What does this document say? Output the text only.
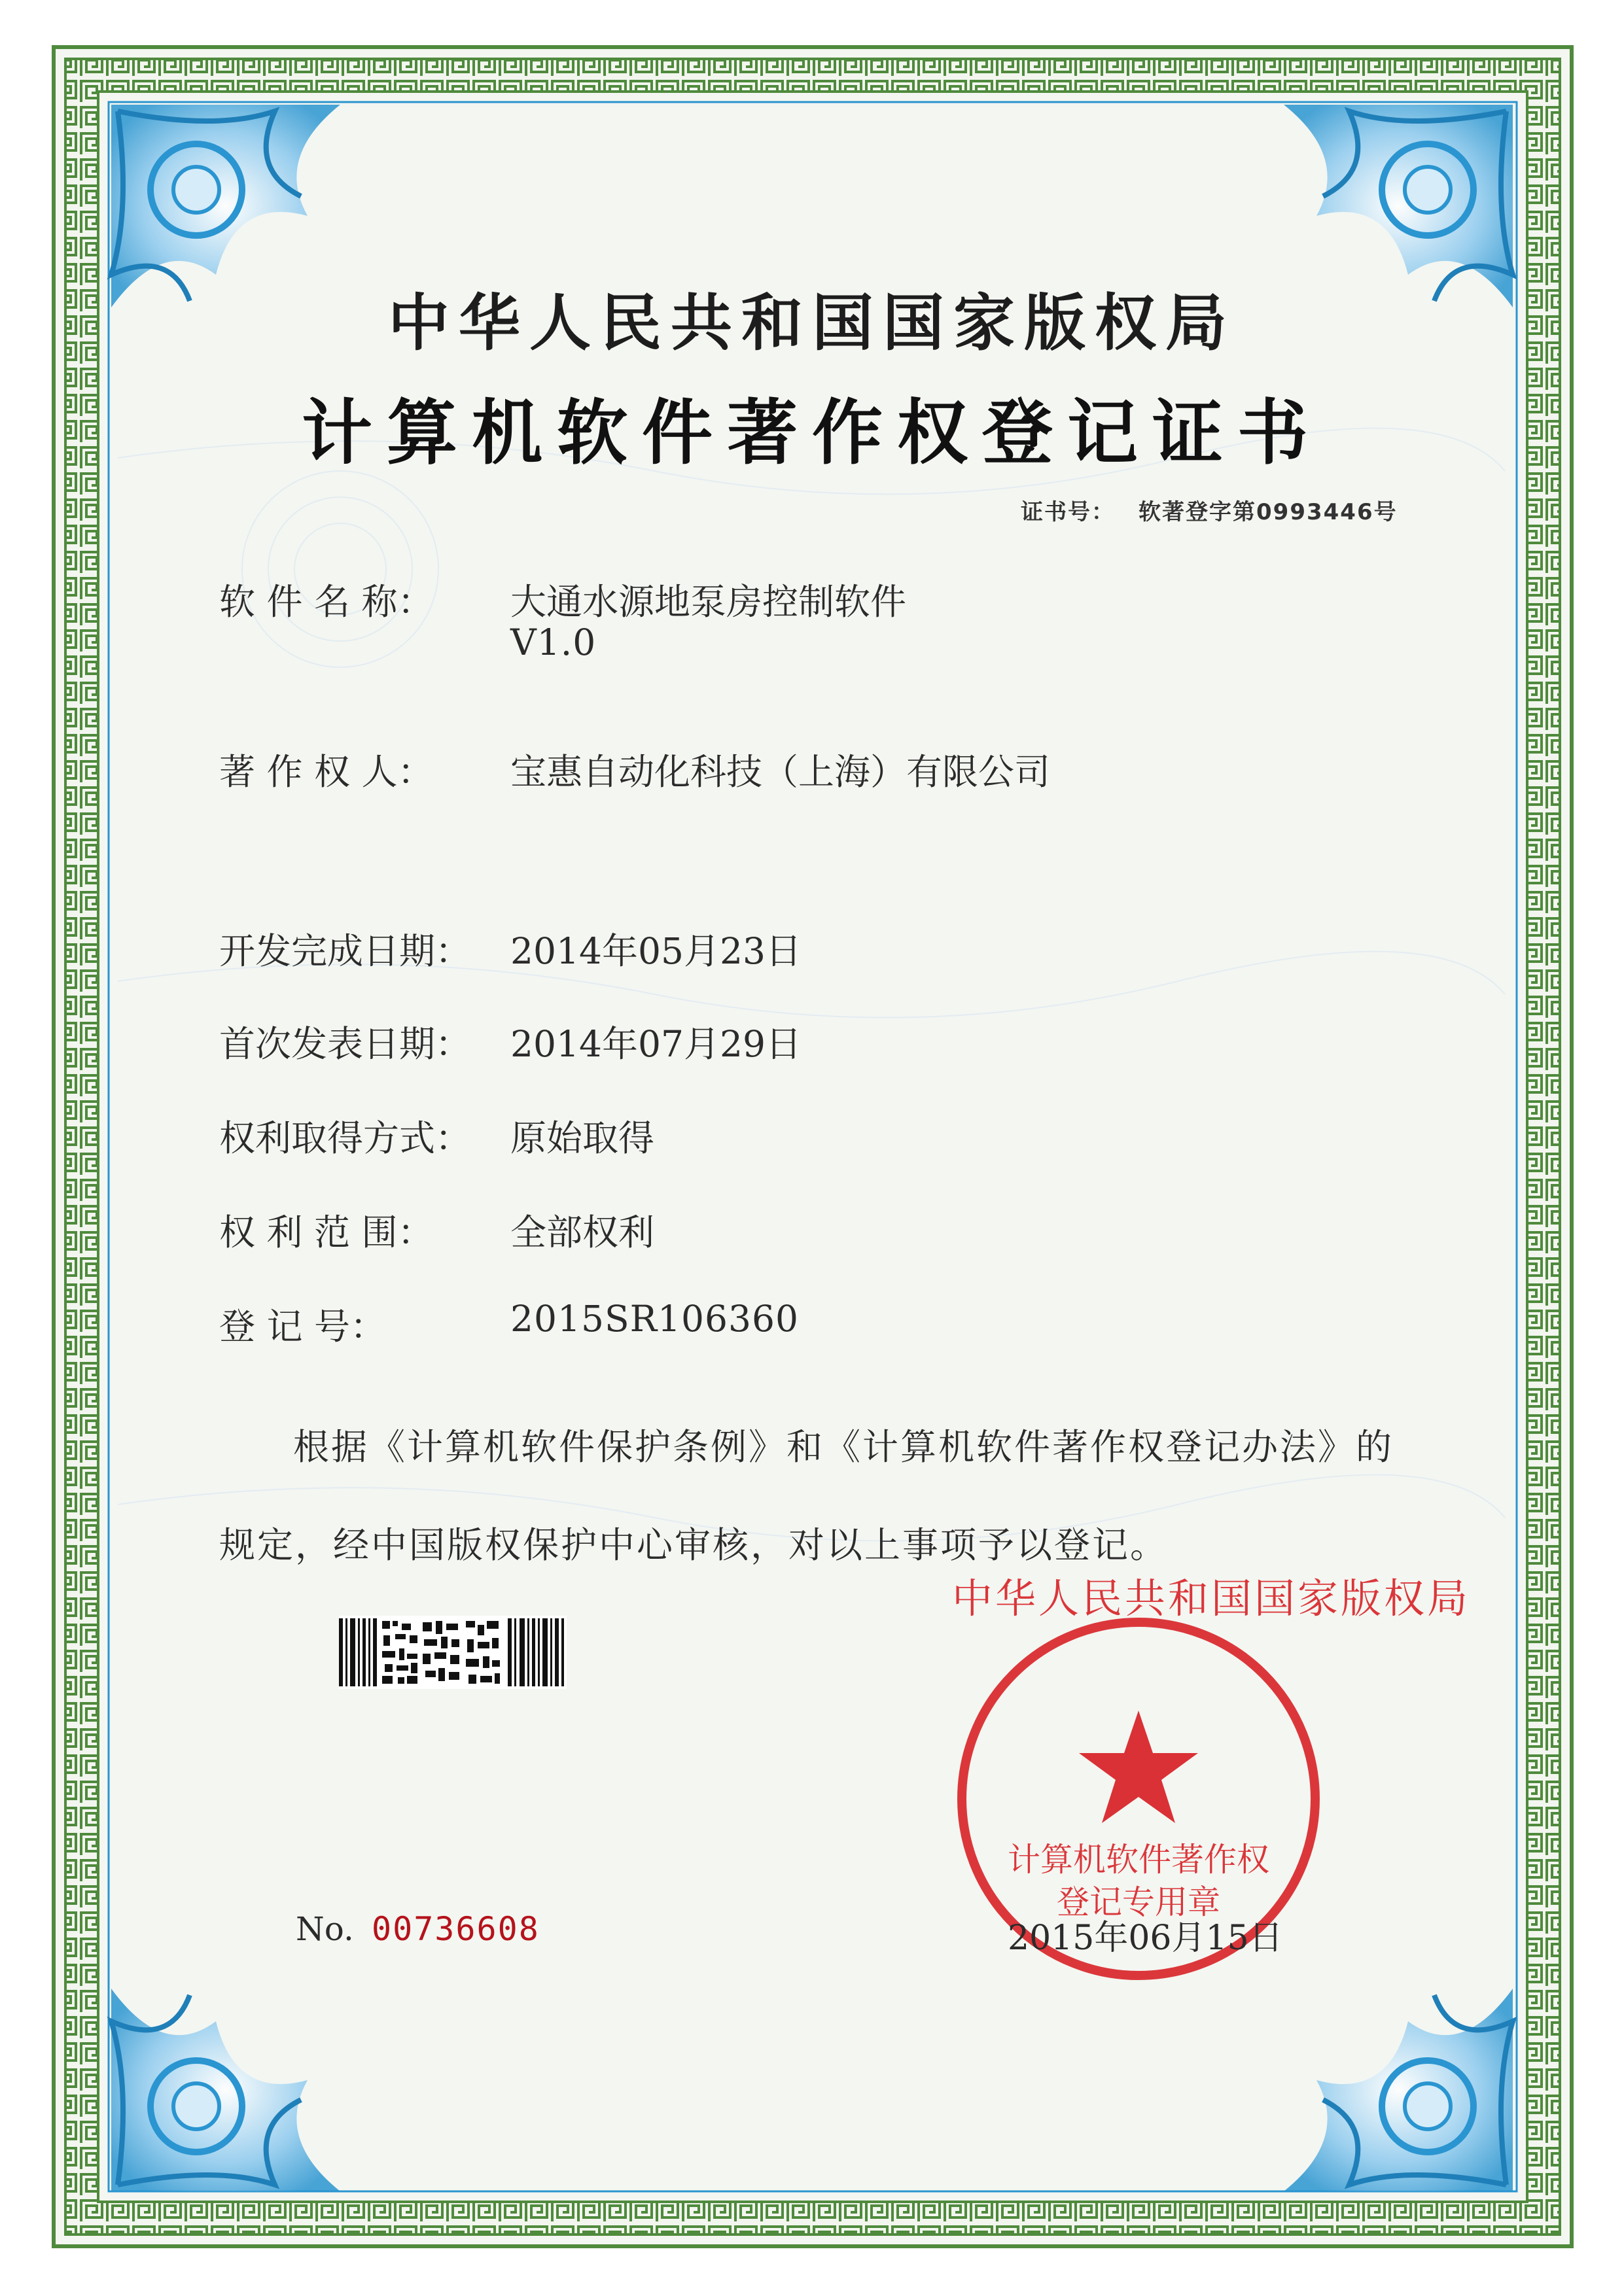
中华人民共和国国家版权局
计算机软件著作权
登记专用章
中华人民共和国国家版权局
计算机软件著作权登记证书
证书号： 软著登字第0993446号
软 件 名 称：	大通水源地泵房控制软件
V1.0
著 作 权 人：	宝惠自动化科技（上海）有限公司
开发完成日期：	2014年05月23日
首次发表日期：	2014年07月29日
权利取得方式：	原始取得
权 利 范 围：	全部权利
登 记 号：	2015SR106360
根据《计算机软件保护条例》和《计算机软件著作权登记办法》的
规定，经中国版权保护中心审核，对以上事项予以登记。
No. 00736608	2015年06月15日
